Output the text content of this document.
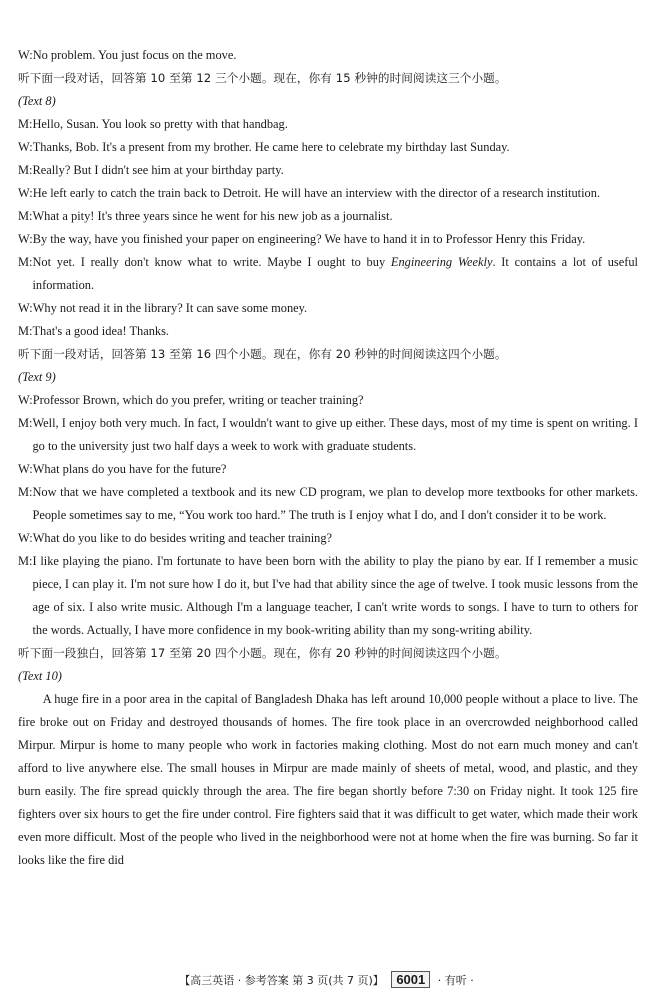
W: No problem. You just focus on the move.
听下面一段对话，回答第 10 至第 12 三个小题。现在，你有 15 秒钟的时间阅读这三个小题。
(Text 8)
M: Hello, Susan. You look so pretty with that handbag.
W: Thanks, Bob. It's a present from my brother. He came here to celebrate my birthday last Sunday.
M: Really? But I didn't see him at your birthday party.
W: He left early to catch the train back to Detroit. He will have an interview with the director of a research institution.
M: What a pity! It's three years since he went for his new job as a journalist.
W: By the way, have you finished your paper on engineering? We have to hand it in to Professor Henry this Friday.
M: Not yet. I really don't know what to write. Maybe I ought to buy Engineering Weekly. It contains a lot of useful information.
W: Why not read it in the library? It can save some money.
M: That's a good idea! Thanks.
听下面一段对话，回答第 13 至第 16 四个小题。现在，你有 20 秒钟的时间阅读这四个小题。
(Text 9)
W: Professor Brown, which do you prefer, writing or teacher training?
M: Well, I enjoy both very much. In fact, I wouldn't want to give up either. These days, most of my time is spent on writing. I go to the university just two half days a week to work with graduate students.
W: What plans do you have for the future?
M: Now that we have completed a textbook and its new CD program, we plan to develop more textbooks for other markets. People sometimes say to me, “You work too hard.” The truth is I enjoy what I do, and I don't consider it to be work.
W: What do you like to do besides writing and teacher training?
M: I like playing the piano. I'm fortunate to have been born with the ability to play the piano by ear. If I remember a music piece, I can play it. I'm not sure how I do it, but I've had that ability since the age of twelve. I took music lessons from the age of six. I also write music. Although I'm a language teacher, I can't write words to songs. I have to turn to others for the words. Actually, I have more confidence in my book-writing ability than my song-writing ability.
听下面一段独白，回答第 17 至第 20 四个小题。现在，你有 20 秒钟的时间阅读这四个小题。
(Text 10)
A huge fire in a poor area in the capital of Bangladesh Dhaka has left around 10,000 people without a place to live. The fire broke out on Friday and destroyed thousands of homes. The fire took place in an overcrowded neighborhood called Mirpur. Mirpur is home to many people who work in factories making clothing. Most do not earn much money and can't afford to live anywhere else. The small houses in Mirpur are made mainly of sheets of metal, wood, and plastic, and they burn easily. The fire spread quickly through the area. The fire began shortly before 7:30 on Friday night. It took 125 fire fighters over six hours to get the fire under control. Fire fighters said that it was difficult to get water, which made their work even more difficult. Most of the people who lived in the neighborhood were not at home when the fire was burning. So far it looks like the fire did
【高三英语 · 参考答案 第 3 页(共 7 页)】 6001 · 有听 ·
